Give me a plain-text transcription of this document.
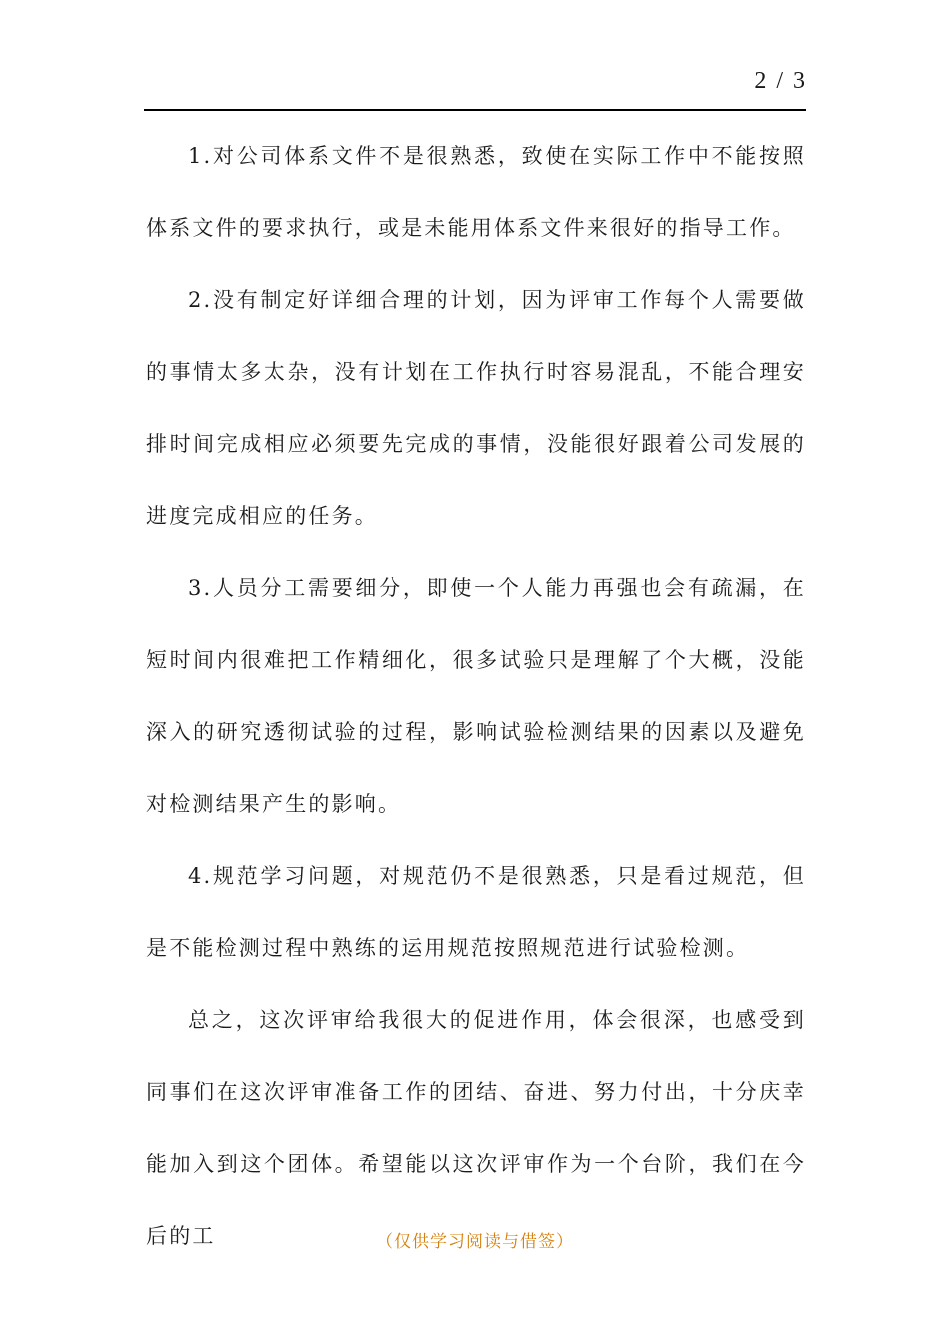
2 / 3

1.对公司体系文件不是很熟悉，致使在实际工作中不能按照体系文件的要求执行，或是未能用体系文件来很好的指导工作。

2.没有制定好详细合理的计划，因为评审工作每个人需要做的事情太多太杂，没有计划在工作执行时容易混乱，不能合理安排时间完成相应必须要先完成的事情，没能很好跟着公司发展的进度完成相应的任务。

3.人员分工需要细分，即使一个人能力再强也会有疏漏，在短时间内很难把工作精细化，很多试验只是理解了个大概，没能深入的研究透彻试验的过程，影响试验检测结果的因素以及避免对检测结果产生的影响。

4.规范学习问题，对规范仍不是很熟悉，只是看过规范，但是不能检测过程中熟练的运用规范按照规范进行试验检测。

总之，这次评审给我很大的促进作用，体会很深，也感受到同事们在这次评审准备工作的团结、奋进、努力付出，十分庆幸能加入到这个团体。希望能以这次评审作为一个台阶，我们在今后的工	（仅供学习阅读与借签）
